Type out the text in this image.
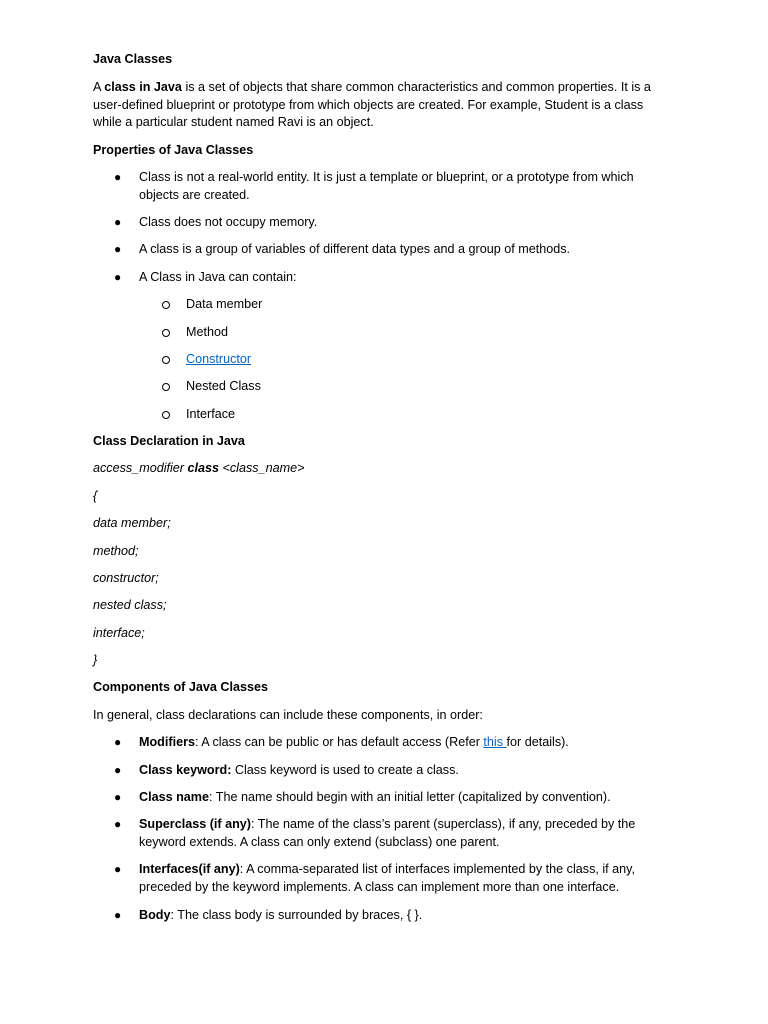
Java Classes
A class in Java is a set of objects that share common characteristics and common properties. It is a user-defined blueprint or prototype from which objects are created. For example, Student is a class while a particular student named Ravi is an object.
Properties of Java Classes
● Class is not a real-world entity. It is just a template or blueprint, or a prototype from which objects are created.
● Class does not occupy memory.
● A class is a group of variables of different data types and a group of methods.
● A Class in Java can contain:
Data member
Method
Constructor
Nested Class
Interface
Class Declaration in Java
access_modifier class <class_name>
{
data member;
method;
constructor;
nested class;
interface;
}
Components of Java Classes
In general, class declarations can include these components, in order:
● Modifiers: A class can be public or has default access (Refer this for details).
● Class keyword: Class keyword is used to create a class.
● Class name: The name should begin with an initial letter (capitalized by convention).
● Superclass (if any): The name of the class’s parent (superclass), if any, preceded by the keyword extends. A class can only extend (subclass) one parent.
● Interfaces(if any): A comma-separated list of interfaces implemented by the class, if any, preceded by the keyword implements. A class can implement more than one interface.
● Body: The class body is surrounded by braces, { }.
